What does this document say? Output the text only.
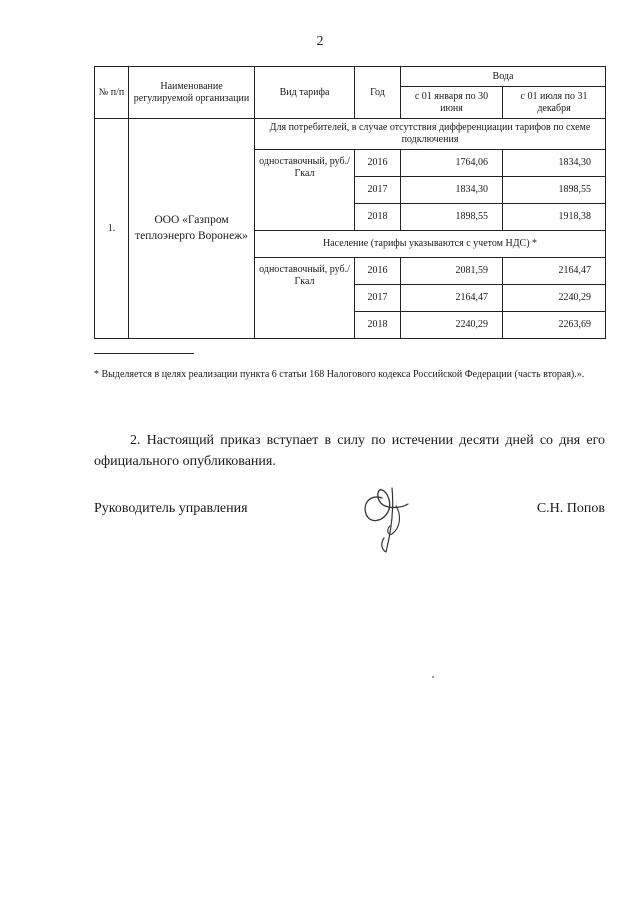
2
№ п/п	Наименование регулируемой организации	Вид тарифа	Год	Вода	
				с 01 января по 30 июня	с 01 июля по 31 декабря
1.	ООО «Газпром теплоэнерго Воронеж»	Для потребителей, в случае отсутствия дифференциации тарифов по схеме подключения			
		одноставочный, руб./Гкал	2016	1764,06	1834,30
			2017	1834,30	1898,55
			2018	1898,55	1918,38
		Население (тарифы указываются с учетом НДС) *			
		одноставочный, руб./Гкал	2016	2081,59	2164,47
			2017	2164,47	2240,29
			2018	2240,29	2263,69
* Выделяется в целях реализации пункта 6 статьи 168 Налогового кодекса Российской Федерации (часть вторая).».
2. Настоящий приказ вступает в силу по истечении десяти дней со дня его официального опубликования.
Руководитель управления	С.Н. Попов
